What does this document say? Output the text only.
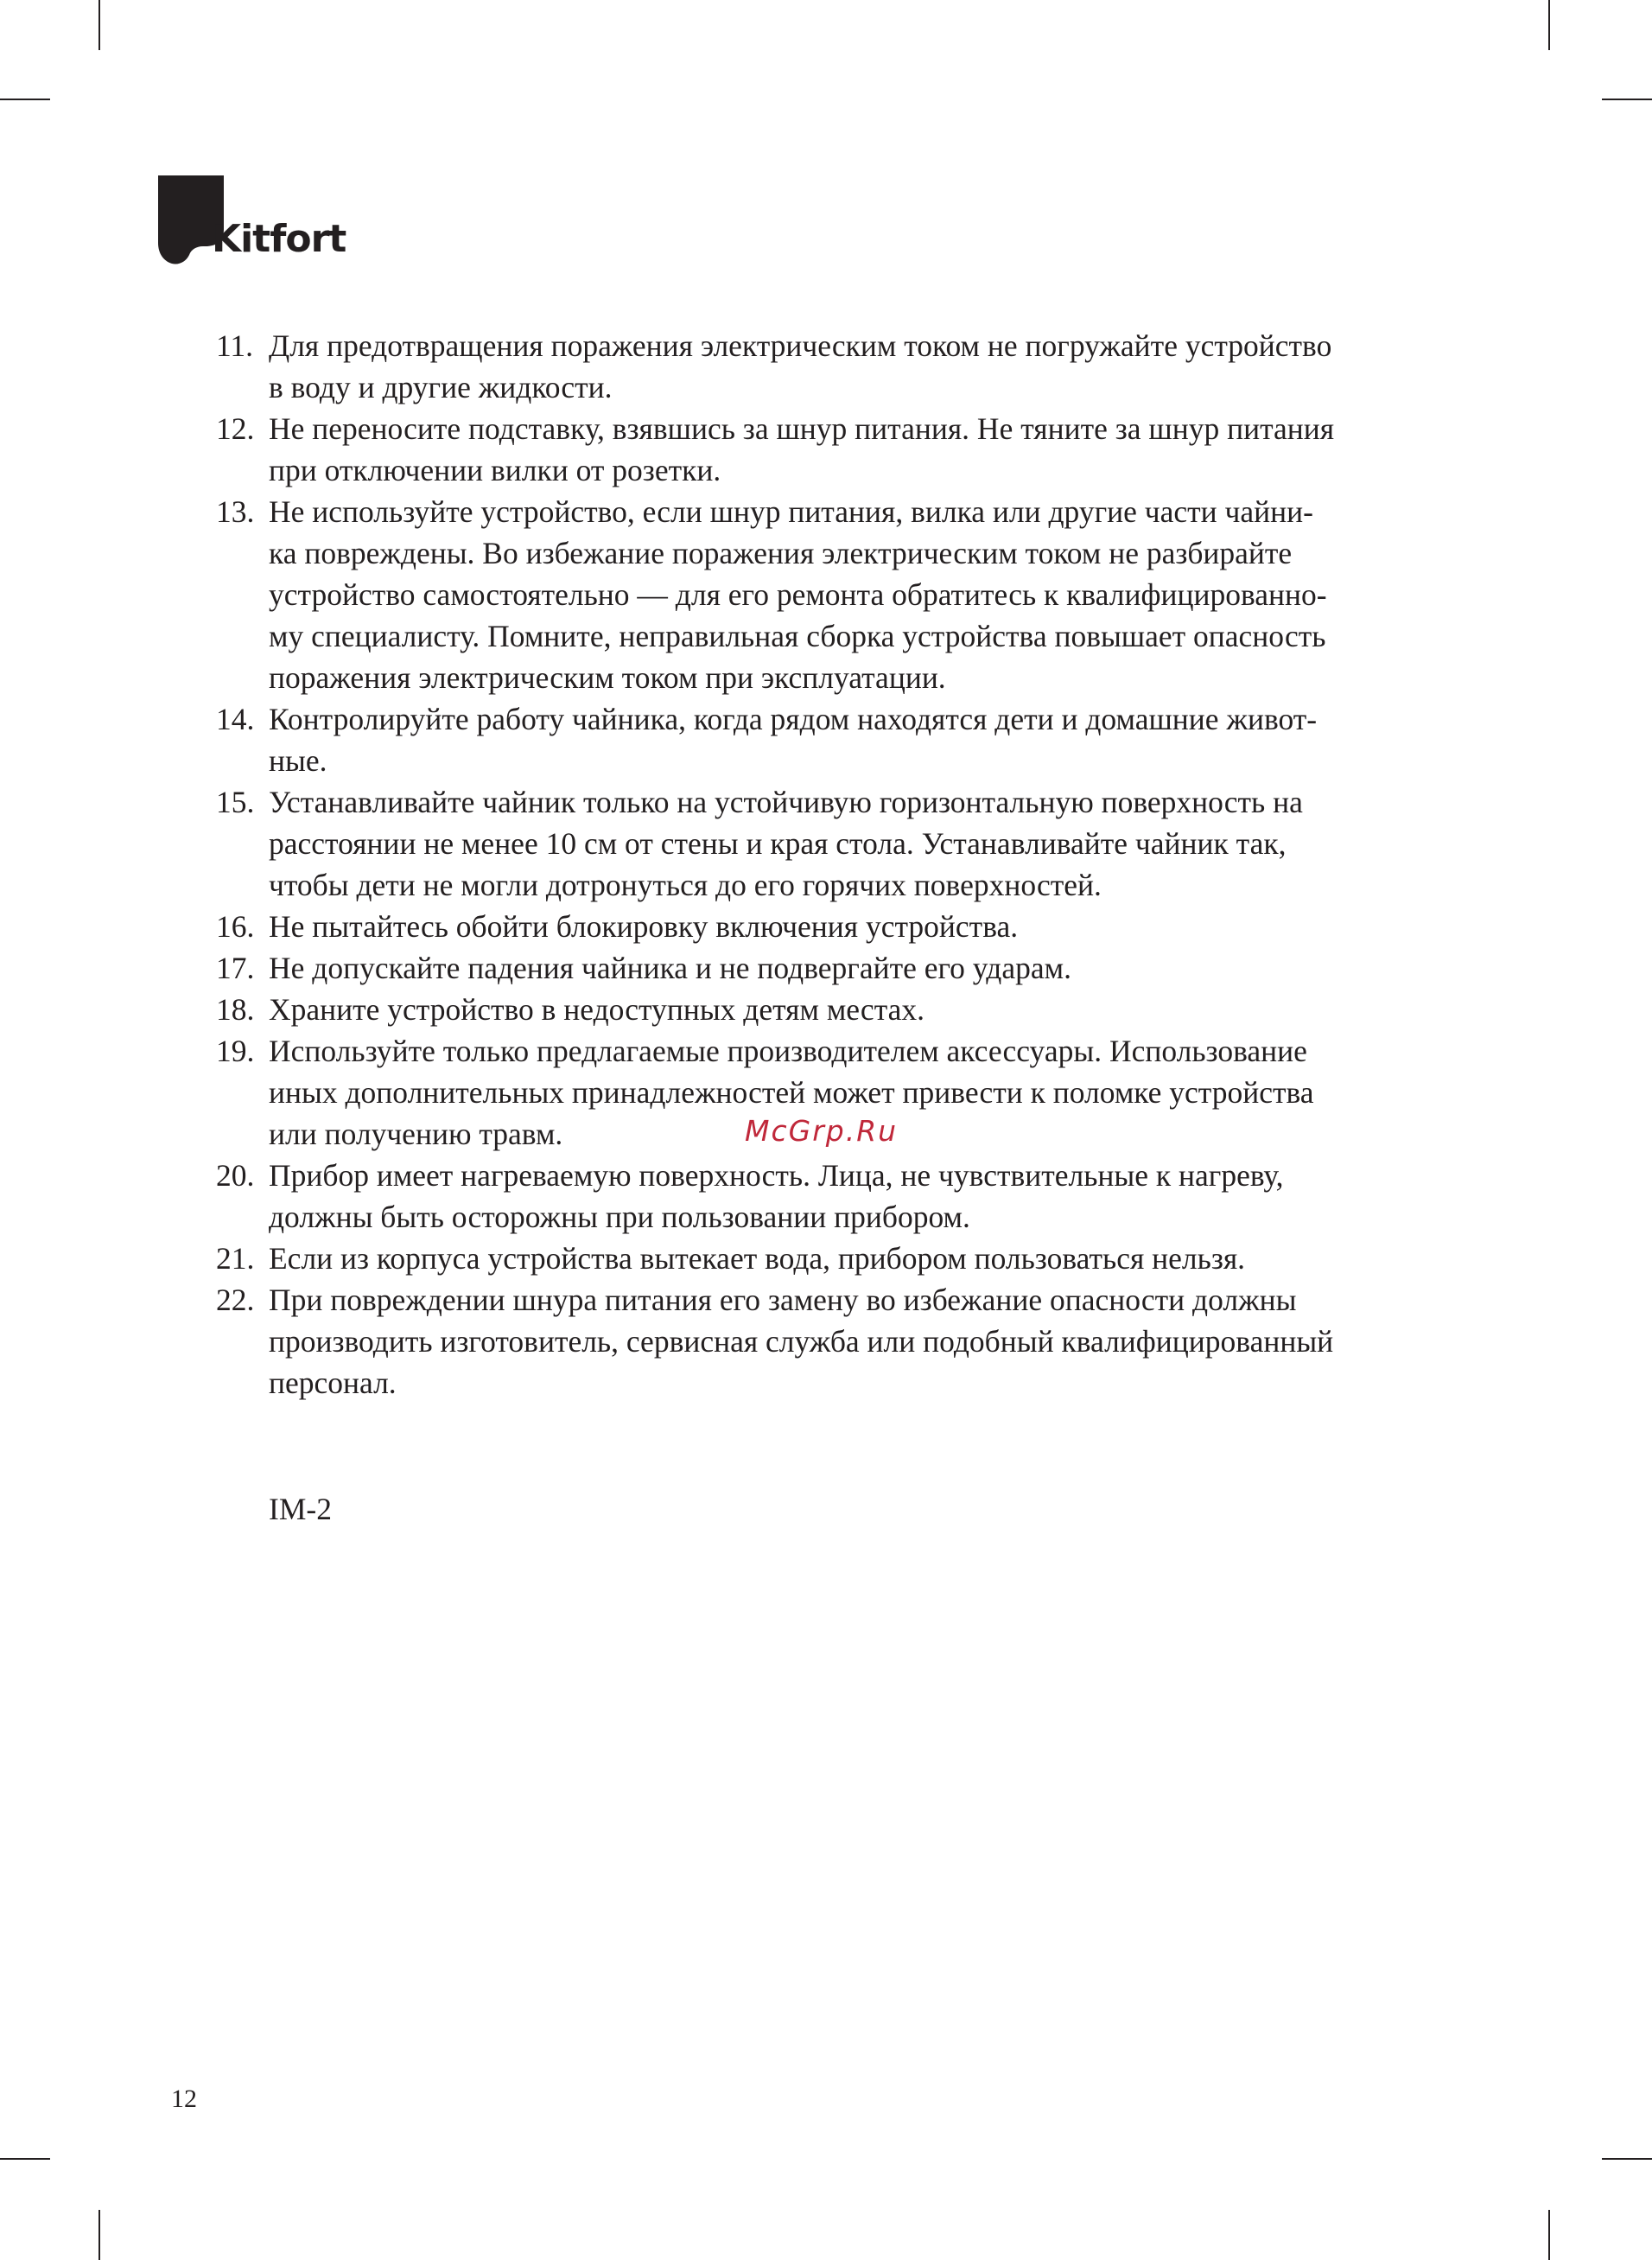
Kitfort
11. Для предотвращения поражения электрическим током не погружайте устройство
в воду и другие жидкости.
12. Не переносите подставку, взявшись за шнур питания. Не тяните за шнур питания
при отключении вилки от розетки.
13. Не используйте устройство, если шнур питания, вилка или другие части чайни-
ка повреждены. Во избежание поражения электрическим током не разбирайте
устройство самостоятельно — для его ремонта обратитесь к квалифицированно-
му специалисту. Помните, неправильная сборка устройства повышает опасность
поражения электрическим током при эксплуатации.
14. Контролируйте работу чайника, когда рядом находятся дети и домашние живот-
ные.
15. Устанавливайте чайник только на устойчивую горизонтальную поверхность на
расстоянии не менее 10 см от стены и края стола. Устанавливайте чайник так,
чтобы дети не могли дотронуться до его горячих поверхностей.
16. Не пытайтесь обойти блокировку включения устройства.
17. Не допускайте падения чайника и не подвергайте его ударам.
18. Храните устройство в недоступных детям местах.
19. Используйте только предлагаемые производителем аксессуары. Использование
иных дополнительных принадлежностей может привести к поломке устройства
или получению травм.
20. Прибор имеет нагреваемую поверхность. Лица, не чувствительные к нагреву,
должны быть осторожны при пользовании прибором.
21. Если из корпуса устройства вытекает вода, прибором пользоваться нельзя.
22. При повреждении шнура питания его замену во избежание опасности должны
производить изготовитель, сервисная служба или подобный квалифицированный
персонал.
McGrp.Ru
IM-2
12
